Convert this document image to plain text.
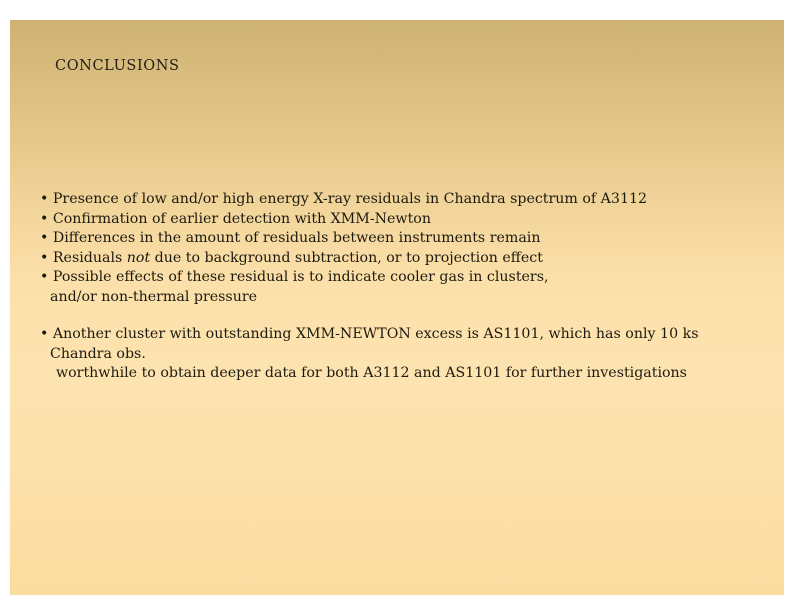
CONCLUSIONS
• Presence of low and/or high energy X-ray residuals in Chandra spectrum of A3112
• Confirmation of earlier detection with XMM-Newton
• Differences in the amount of residuals between instruments remain
• Residuals not due to background subtraction, or to projection effect
• Possible effects of these residual is to indicate cooler gas in clusters,
and/or non-thermal pressure
• Another cluster with outstanding XMM-NEWTON excess is AS1101, which has only 10 ks
Chandra obs.
worthwhile to obtain deeper data for both A3112 and AS1101 for further investigations
